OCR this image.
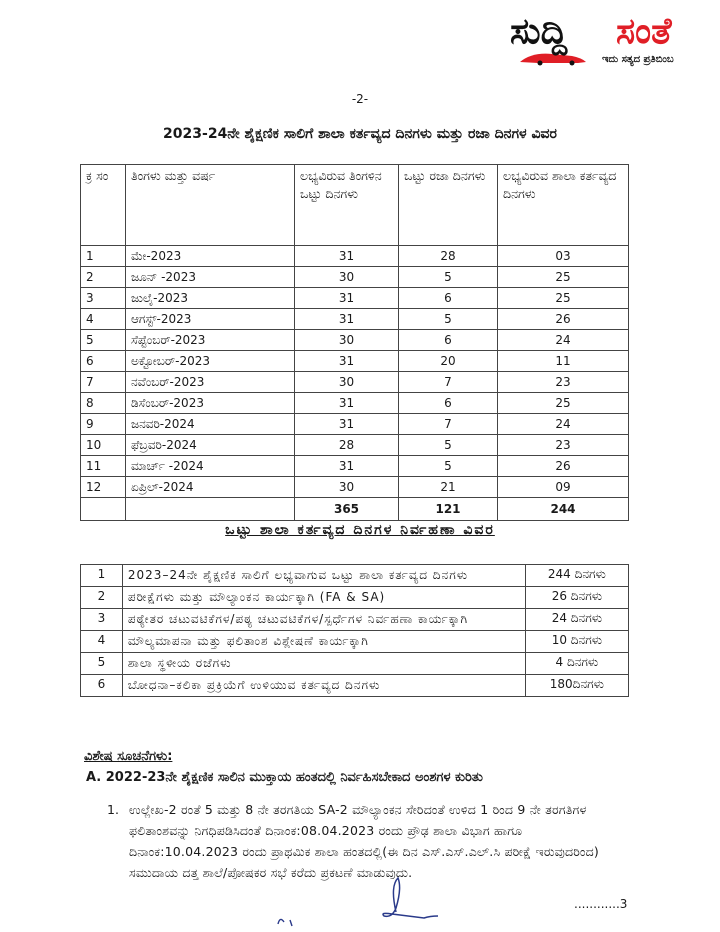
ಸುದ್ದಿ ಸಂತೆ
ಇದು ಸತ್ಯದ ಪ್ರತಿಬಿಂಬ
-2-
2023-24ನೇ ಶೈಕ್ಷಣಿಕ ಸಾಲಿಗೆ ಶಾಲಾ ಕರ್ತವ್ಯದ ದಿನಗಳು ಮತ್ತು ರಜಾ ದಿನಗಳ ವಿವರ
ಕ್ರ ಸಂ	ತಿಂಗಳು ಮತ್ತು ವರ್ಷ	ಲಭ್ಯವಿರುವ ತಿಂಗಳಿನ ಒಟ್ಟು ದಿನಗಳು	ಒಟ್ಟು ರಜಾ ದಿನಗಳು	ಲಭ್ಯವಿರುವ ಶಾಲಾ ಕರ್ತವ್ಯದ ದಿನಗಳು
1	ಮೇ-2023	31	28	03
2	ಜೂನ್ -2023	30	5	25
3	ಜುಲೈ-2023	31	6	25
4	ಆಗಸ್ಟ್-2023	31	5	26
5	ಸೆಪ್ಟೆಂಬರ್-2023	30	6	24
6	ಅಕ್ಟೋಬರ್-2023	31	20	11
7	ನವೆಂಬರ್-2023	30	7	23
8	ಡಿಸೆಂಬರ್-2023	31	6	25
9	ಜನವರಿ-2024	31	7	24
10	ಫೆಬ್ರವರಿ-2024	28	5	23
11	ಮಾರ್ಚ್ -2024	31	5	26
12	ಏಪ್ರಿಲ್-2024	30	21	09
		365	121	244
ಒಟ್ಟು ಶಾಲಾ ಕರ್ತವ್ಯದ ದಿನಗಳ ನಿರ್ವಹಣಾ ವಿವರ
1	2023–24ನೇ ಶೈಕ್ಷಣಿಕ ಸಾಲಿಗೆ ಲಭ್ಯವಾಗುವ ಒಟ್ಟು ಶಾಲಾ ಕರ್ತವ್ಯದ ದಿನಗಳು	244 ದಿನಗಳು
2	ಪರೀಕ್ಷೆಗಳು ಮತ್ತು ಮೌಲ್ಯಾಂಕನ ಕಾರ್ಯಕ್ಕಾಗಿ (FA & SA)	26 ದಿನಗಳು
3	ಪಠ್ಯೇತರ ಚಟುವಟಿಕೆಗಳ/ಪಠ್ಯ ಚಟುವಟಿಕೆಗಳ/ಸ್ಪರ್ಧೆಗಳ ನಿರ್ವಹಣಾ ಕಾರ್ಯಕ್ಕಾಗಿ	24 ದಿನಗಳು
4	ಮೌಲ್ಯಮಾಪನಾ ಮತ್ತು ಫಲಿತಾಂಶ ವಿಶ್ಲೇಷಣೆ ಕಾರ್ಯಕ್ಕಾಗಿ	10 ದಿನಗಳು
5	ಶಾಲಾ ಸ್ಥಳೀಯ ರಜೆಗಳು	4 ದಿನಗಳು
6	ಬೋಧನಾ–ಕಲಿಕಾ ಪ್ರಕ್ರಿಯೆಗೆ ಉಳಿಯುವ ಕರ್ತವ್ಯದ ದಿನಗಳು	180ದಿನಗಳು
ವಿಶೇಷ ಸೂಚನೆಗಳು:
A. 2022-23ನೇ ಶೈಕ್ಷಣಿಕ ಸಾಲಿನ ಮುಕ್ತಾಯ ಹಂತದಲ್ಲಿ ನಿರ್ವಹಿಸಬೇಕಾದ ಅಂಶಗಳ ಕುರಿತು
1. ಉಲ್ಲೇಖ-2 ರಂತೆ 5 ಮತ್ತು 8 ನೇ ತರಗತಿಯ SA-2 ಮೌಲ್ಯಾಂಕನ ಸೇರಿದಂತೆ ಉಳಿದ 1 ರಿಂದ 9 ನೇ ತರಗತಿಗಳ ಫಲಿತಾಂಶವನ್ನು ನಿಗಧಿಪಡಿಸಿದಂತೆ ದಿನಾಂಕ:08.04.2023 ರಂದು ಪ್ರೌಢ ಶಾಲಾ ವಿಭಾಗ ಹಾಗೂ ದಿನಾಂಕ:10.04.2023 ರಂದು ಪ್ರಾಥಮಿಕ ಶಾಲಾ ಹಂತದಲ್ಲಿ(ಈ ದಿನ ಎಸ್.ಎಸ್.ಎಲ್.ಸಿ ಪರೀಕ್ಷೆ ಇರುವುದರಿಂದ) ಸಮುದಾಯ ದತ್ತ ಶಾಲೆ/ಪೋಷಕರ ಸಭೆ ಕರೆದು ಪ್ರಕಟಣೆ ಮಾಡುವುದು.
............3
